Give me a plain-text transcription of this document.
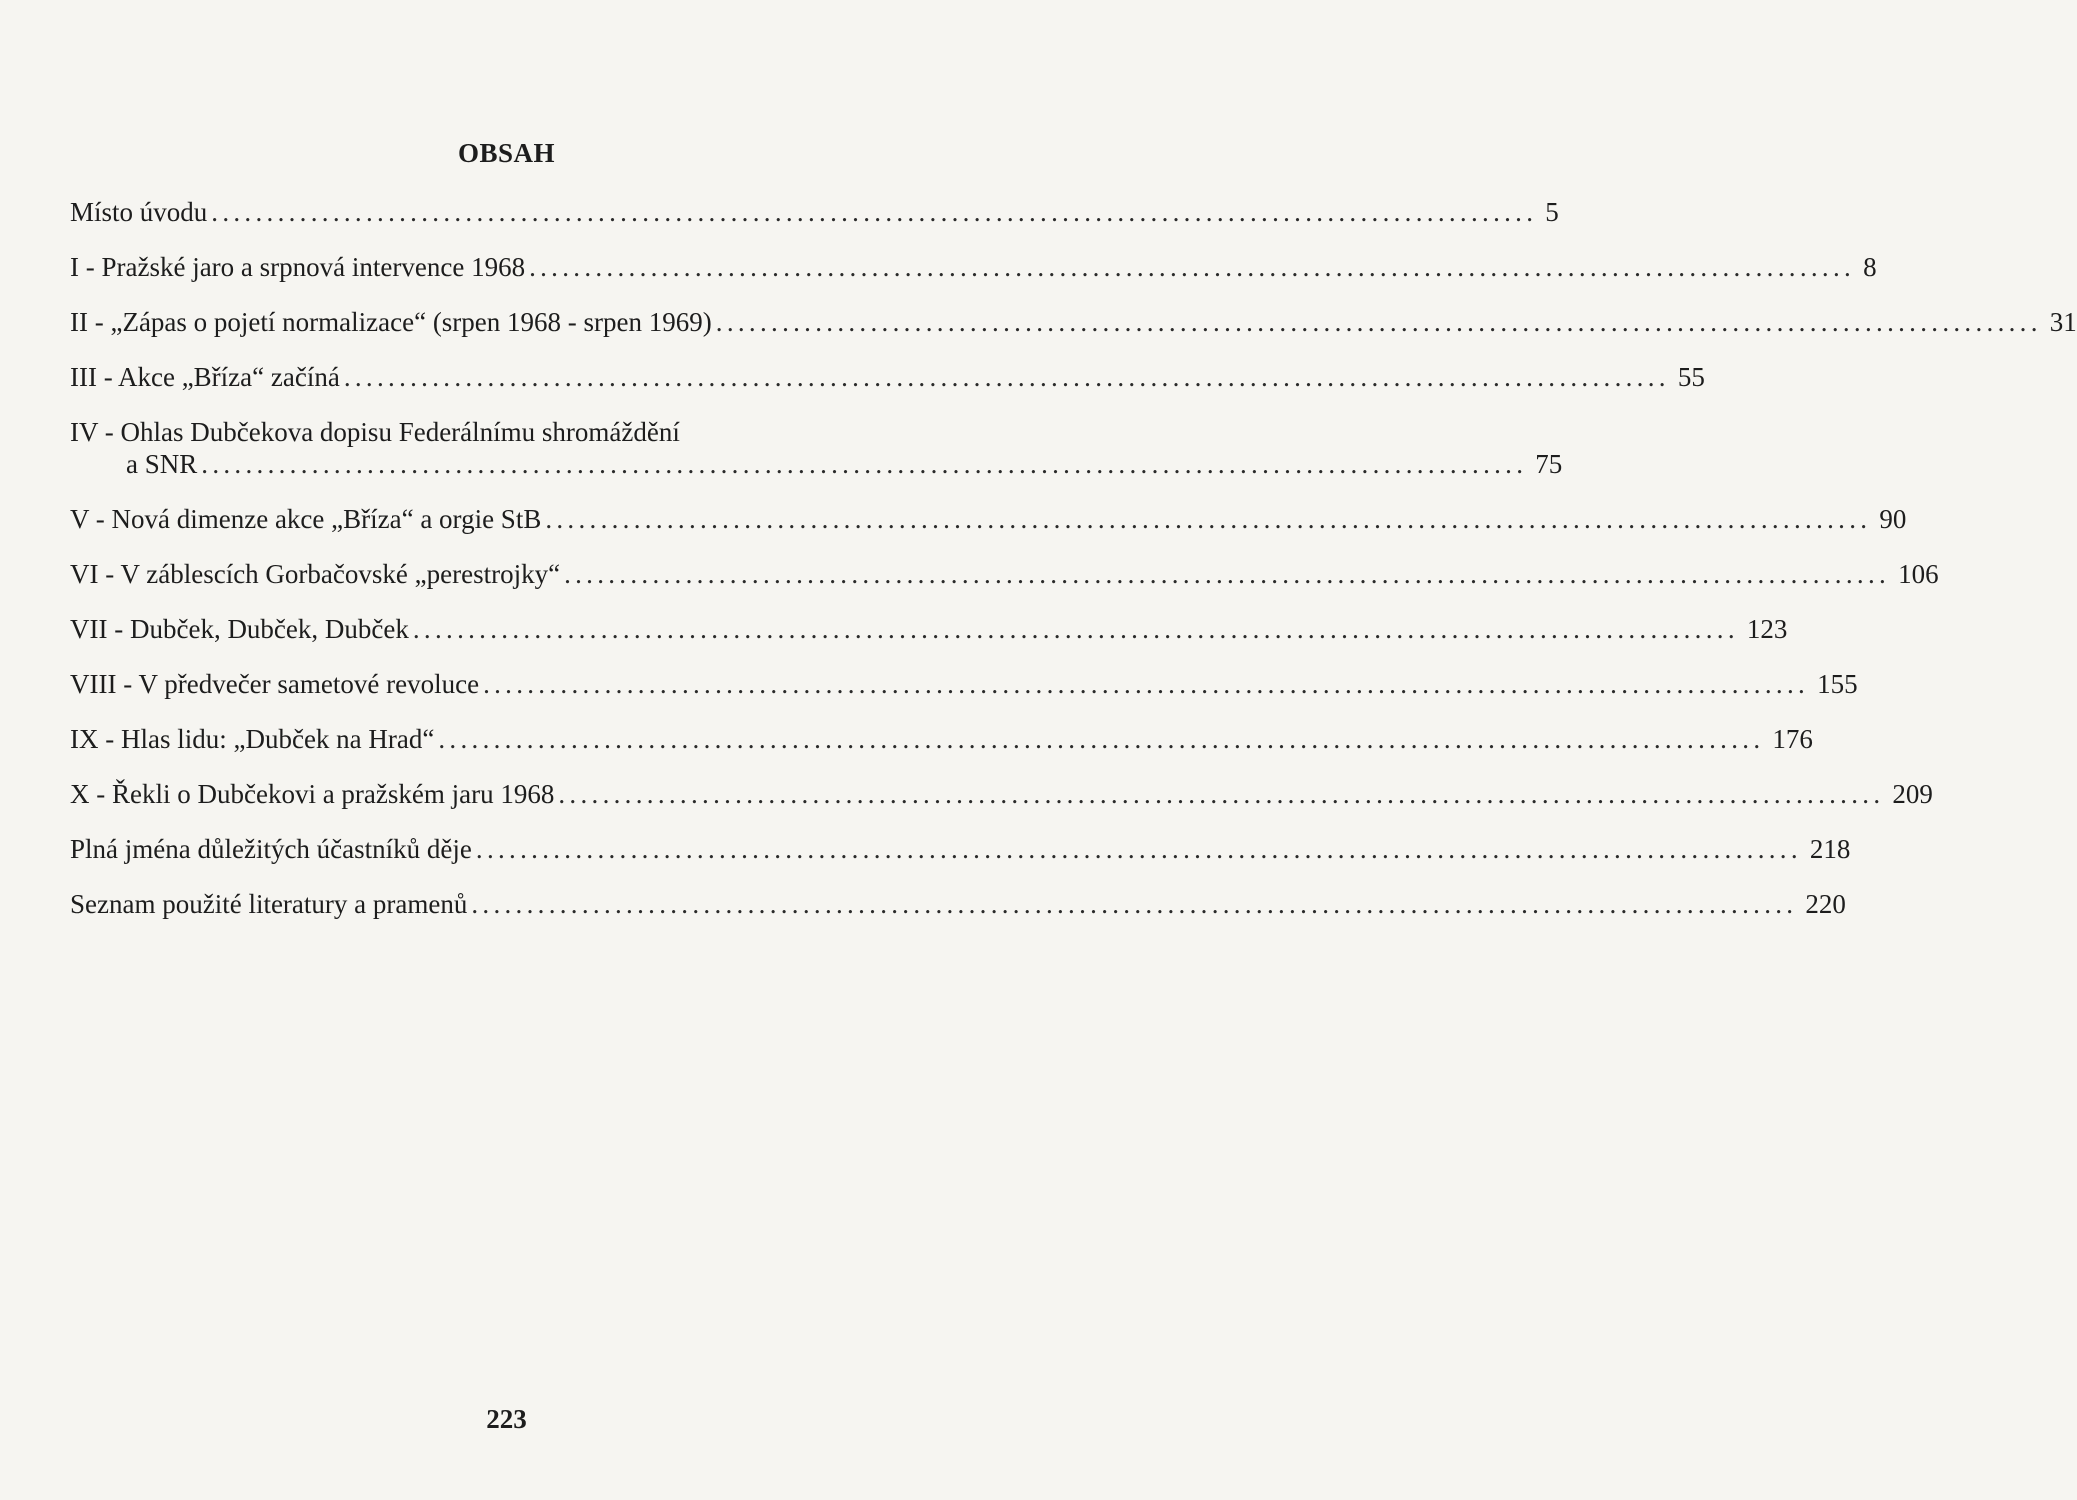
OBSAH
Místo úvodu ........................................................................................................................ 5
I - Pražské jaro a srpnová intervence 1968 ........................................................................................................................ 8
II - „Zápas o pojetí normalizace“ (srpen 1968 - srpen 1969) ........................................................................................................................ 31
III - Akce „Bříza“ začíná ........................................................................................................................ 55
IV - Ohlas Dubčekova dopisu Federálnímu shromáždění
a SNR ........................................................................................................................ 75
V - Nová dimenze akce „Bříza“ a orgie StB ........................................................................................................................ 90
VI - V záblescích Gorbačovské „perestrojky“ ........................................................................................................................ 106
VII - Dubček, Dubček, Dubček ........................................................................................................................ 123
VIII - V předvečer sametové revoluce ........................................................................................................................ 155
IX - Hlas lidu: „Dubček na Hrad“ ........................................................................................................................ 176
X - Řekli o Dubčekovi a pražském jaru 1968 ........................................................................................................................ 209
Plná jména důležitých účastníků děje ........................................................................................................................ 218
Seznam použité literatury a pramenů ........................................................................................................................ 220
223
